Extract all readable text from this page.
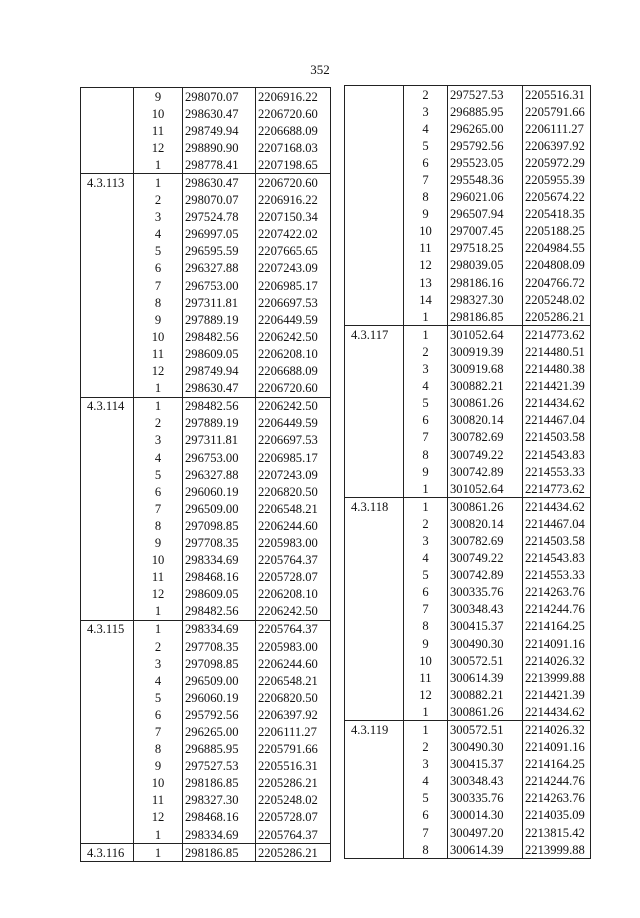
352
	9	298070.07	2206916.22
	10	298630.47	2206720.60
	11	298749.94	2206688.09
	12	298890.90	2207168.03
	1	298778.41	2207198.65
4.3.113	1	298630.47	2206720.60
	2	298070.07	2206916.22
	3	297524.78	2207150.34
	4	296997.05	2207422.02
	5	296595.59	2207665.65
	6	296327.88	2207243.09
	7	296753.00	2206985.17
	8	297311.81	2206697.53
	9	297889.19	2206449.59
	10	298482.56	2206242.50
	11	298609.05	2206208.10
	12	298749.94	2206688.09
	1	298630.47	2206720.60
4.3.114	1	298482.56	2206242.50
	2	297889.19	2206449.59
	3	297311.81	2206697.53
	4	296753.00	2206985.17
	5	296327.88	2207243.09
	6	296060.19	2206820.50
	7	296509.00	2206548.21
	8	297098.85	2206244.60
	9	297708.35	2205983.00
	10	298334.69	2205764.37
	11	298468.16	2205728.07
	12	298609.05	2206208.10
	1	298482.56	2206242.50
4.3.115	1	298334.69	2205764.37
	2	297708.35	2205983.00
	3	297098.85	2206244.60
	4	296509.00	2206548.21
	5	296060.19	2206820.50
	6	295792.56	2206397.92
	7	296265.00	2206111.27
	8	296885.95	2205791.66
	9	297527.53	2205516.31
	10	298186.85	2205286.21
	11	298327.30	2205248.02
	12	298468.16	2205728.07
	1	298334.69	2205764.37
4.3.116	1	298186.85	2205286.21
	2	297527.53	2205516.31
	3	296885.95	2205791.66
	4	296265.00	2206111.27
	5	295792.56	2206397.92
	6	295523.05	2205972.29
	7	295548.36	2205955.39
	8	296021.06	2205674.22
	9	296507.94	2205418.35
	10	297007.45	2205188.25
	11	297518.25	2204984.55
	12	298039.05	2204808.09
	13	298186.16	2204766.72
	14	298327.30	2205248.02
	1	298186.85	2205286.21
4.3.117	1	301052.64	2214773.62
	2	300919.39	2214480.51
	3	300919.68	2214480.38
	4	300882.21	2214421.39
	5	300861.26	2214434.62
	6	300820.14	2214467.04
	7	300782.69	2214503.58
	8	300749.22	2214543.83
	9	300742.89	2214553.33
	1	301052.64	2214773.62
4.3.118	1	300861.26	2214434.62
	2	300820.14	2214467.04
	3	300782.69	2214503.58
	4	300749.22	2214543.83
	5	300742.89	2214553.33
	6	300335.76	2214263.76
	7	300348.43	2214244.76
	8	300415.37	2214164.25
	9	300490.30	2214091.16
	10	300572.51	2214026.32
	11	300614.39	2213999.88
	12	300882.21	2214421.39
	1	300861.26	2214434.62
4.3.119	1	300572.51	2214026.32
	2	300490.30	2214091.16
	3	300415.37	2214164.25
	4	300348.43	2214244.76
	5	300335.76	2214263.76
	6	300014.30	2214035.09
	7	300497.20	2213815.42
	8	300614.39	2213999.88
